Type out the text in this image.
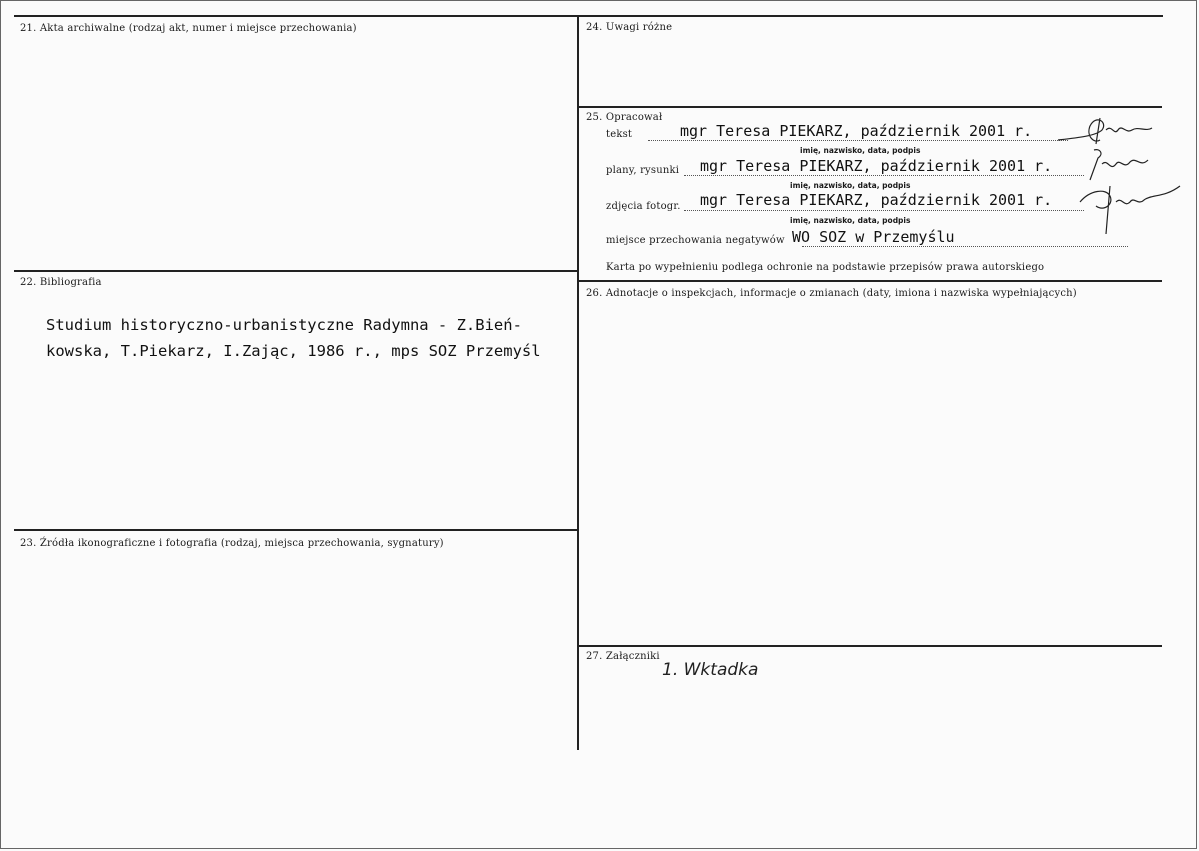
21. Akta archiwalne (rodzaj akt, numer i miejsce przechowania)
22. Bibliografia
Studium historyczno-urbanistyczne Radymna - Z.Bień-kowska, T.Piekarz, I.Zając, 1986 r., mps SOZ Przemyśl
23. Źródła ikonograficzne i fotografia (rodzaj, miejsca przechowania, sygnatury)
24. Uwagi różne
25. Opracował
tekst	mgr Teresa PIEKARZ, październik 2001 r.
imię, nazwisko, data, podpis
plany, rysunki mgr Teresa PIEKARZ, październik 2001 r.
imię, nazwisko, data, podpis
zdjęcia fotogr. mgr Teresa PIEKARZ, październik 2001 r.
imię, nazwisko, data, podpis
miejsce przechowania negatywów WO SOZ w Przemyślu
Karta po wypełnieniu podlega ochronie na podstawie przepisów prawa autorskiego
26. Adnotacje o inspekcjach, informacje o zmianach (daty, imiona i nazwiska wypełniających)
27. Załączniki
1. Wktadka
